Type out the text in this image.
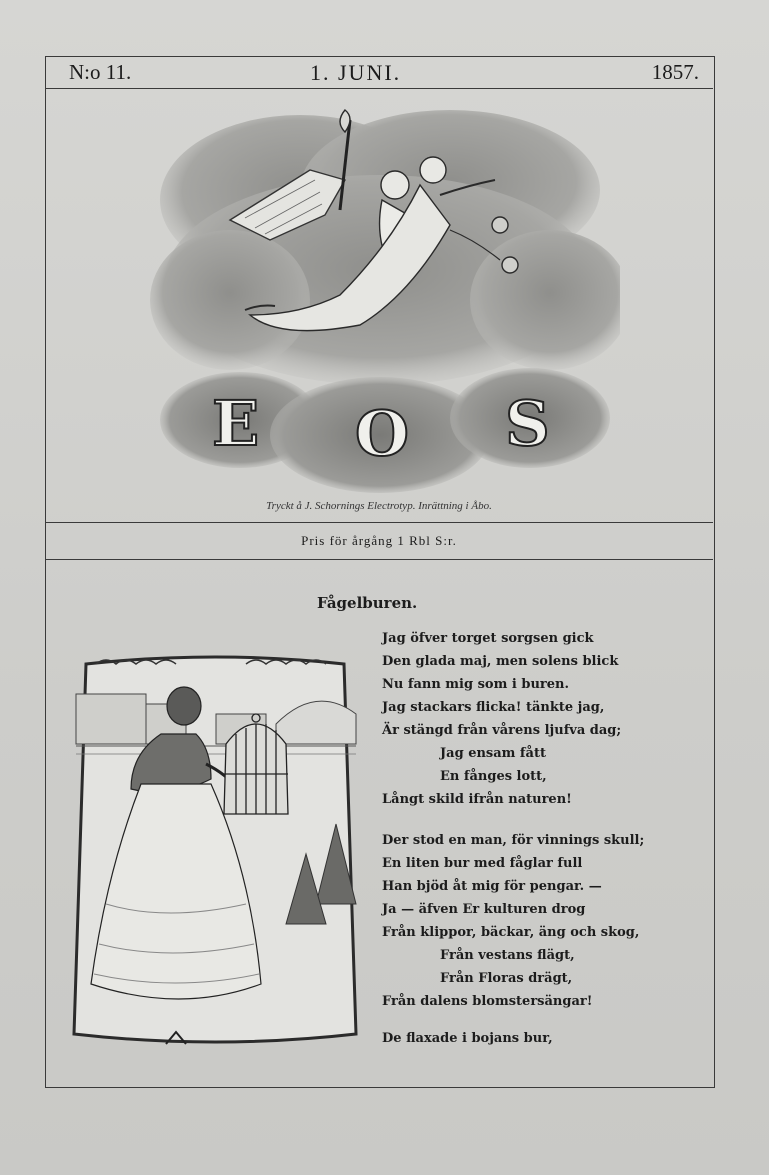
N:o 11.	1. JUNI.	1857.
E O S
Tryckt å J. Schornings Electrotyp. Inrättning i Åbo.
Pris för årgång 1 Rbl S:r.
Fågelburen.
Jag öfver torget sorgsen gick
Den glada maj, men solens blick
Nu fann mig som i buren.
Jag stackars flicka! tänkte jag,
Är stängd från vårens ljufva dag;
Jag ensam fått
En fånges lott,
Långt skild ifrån naturen!
Der stod en man, för vinnings skull;
En liten bur med fåglar full
Han bjöd åt mig för pengar. —
Ja — äfven Er kulturen drog
Från klippor, bäckar, äng och skog,
Från vestans flägt,
Från Floras drägt,
Från dalens blomstersängar!
De flaxade i bojans bur,
